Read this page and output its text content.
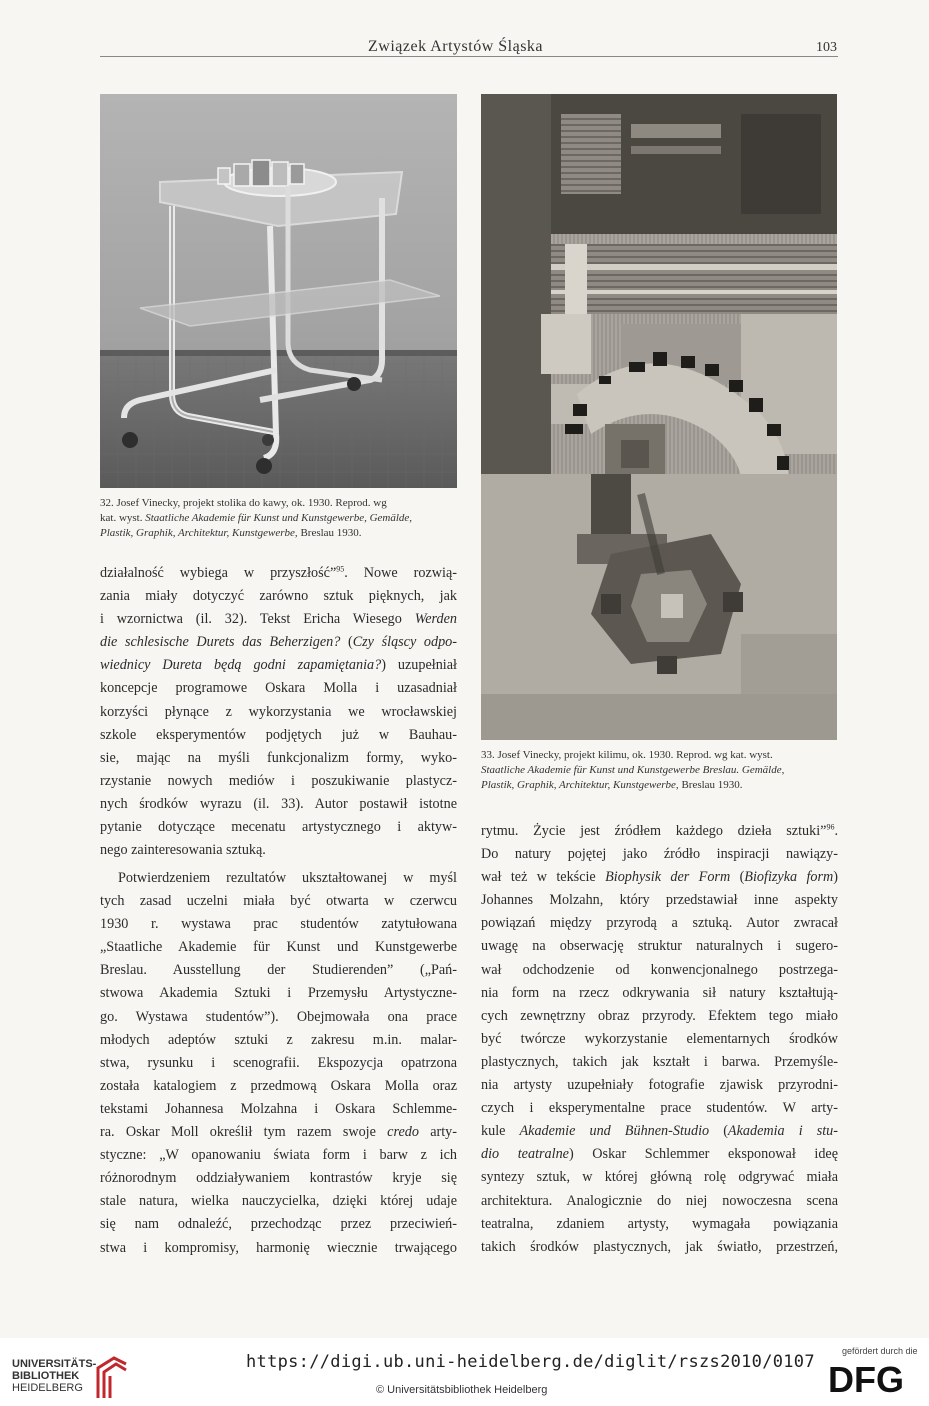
Związek Artystów Śląska	103
32. Josef Vinecky, projekt stolika do kawy, ok. 1930. Reprod. wg
kat. wyst. Staatliche Akademie für Kunst und Kunstgewerbe, Gemälde,
Plastik, Graphik, Architektur, Kunstgewerbe, Breslau 1930.
33. Josef Vinecky, projekt kilimu, ok. 1930. Reprod. wg kat. wyst.
Staatliche Akademie für Kunst und Kunstgewerbe Breslau. Gemälde,
Plastik, Graphik, Architektur, Kunstgewerbe, Breslau 1930.

działalność wybiega w przyszłość”$^{95}$. Nowe rozwią-

zania miały dotyczyć zarówno sztuk pięknych, jak

i wzornictwa (il. 32). Tekst Ericha Wiesego Werden

die schlesische Durets das Beherzigen? (Czy śląscy odpo-

wiednicy Dureta będą godni zapamiętania?) uzupełniał

koncepcje programowe Oskara Molla i uzasadniał

korzyści płynące z wykorzystania we wrocławskiej

szkole eksperymentów podjętych już w Bauhau-

sie, mając na myśli funkcjonalizm formy, wyko-

rzystanie nowych mediów i poszukiwanie plastycz-

nych środków wyrazu (il. 33). Autor postawił istotne

pytanie dotyczące mecenatu artystycznego i aktyw-

nego zainteresowania sztuką.

Potwierdzeniem rezultatów ukształtowanej w myśl

tych zasad uczelni miała być otwarta w czerwcu

1930 r. wystawa prac studentów zatytułowana

„Staatliche Akademie für Kunst und Kunstgewerbe

Breslau. Ausstellung der Studierenden” („Pań-

stwowa Akademia Sztuki i Przemysłu Artystyczne-

go. Wystawa studentów”). Obejmowała ona prace

młodych adeptów sztuki z zakresu m.in. malar-

stwa, rysunku i scenografii. Ekspozycja opatrzona

została katalogiem z przedmową Oskara Molla oraz

tekstami Johannesa Molzahna i Oskara Schlemme-

ra. Oskar Moll określił tym razem swoje credo arty-

styczne: „W opanowaniu świata form i barw z ich

różnorodnym oddziaływaniem kontrastów kryje się

stale natura, wielka nauczycielka, dzięki której udaje

się nam odnaleźć, przechodząc przez przeciwień-

stwa i kompromisy, harmonię wiecznie trwającego

rytmu. Życie jest źródłem każdego dzieła sztuki”$^{96}$.

Do natury pojętej jako źródło inspiracji nawiązy-

wał też w tekście Biophysik der Form (Biofizyka form)

Johannes Molzahn, który przedstawiał inne aspekty

powiązań między przyrodą a sztuką. Autor zwracał

uwagę na obserwację struktur naturalnych i sugero-

wał odchodzenie od konwencjonalnego postrzega-

nia form na rzecz odkrywania sił natury kształtują-

cych zewnętrzny obraz przyrody. Efektem tego miało

być twórcze wykorzystanie elementarnych środków

plastycznych, takich jak kształt i barwa. Przemyśle-

nia artysty uzupełniały fotografie zjawisk przyrodni-

czych i eksperymentalne prace studentów. W arty-

kule Akademie und Bühnen-Studio (Akademia i stu-

dio teatralne) Oskar Schlemmer eksponował ideę

syntezy sztuk, w której główną rolę odgrywać miała

architektura. Analogicznie do niej nowoczesna scena

teatralna, zdaniem artysty, wymagała powiązania

takich środków plastycznych, jak światło, przestrzeń,

UNIVERSITÄTS-
BIBLIOTHEK
HEIDELBERG
https://digi.ub.uni-heidelberg.de/diglit/rszs2010/0107
© Universitätsbibliothek Heidelberg
gefördert durch die
DFG
